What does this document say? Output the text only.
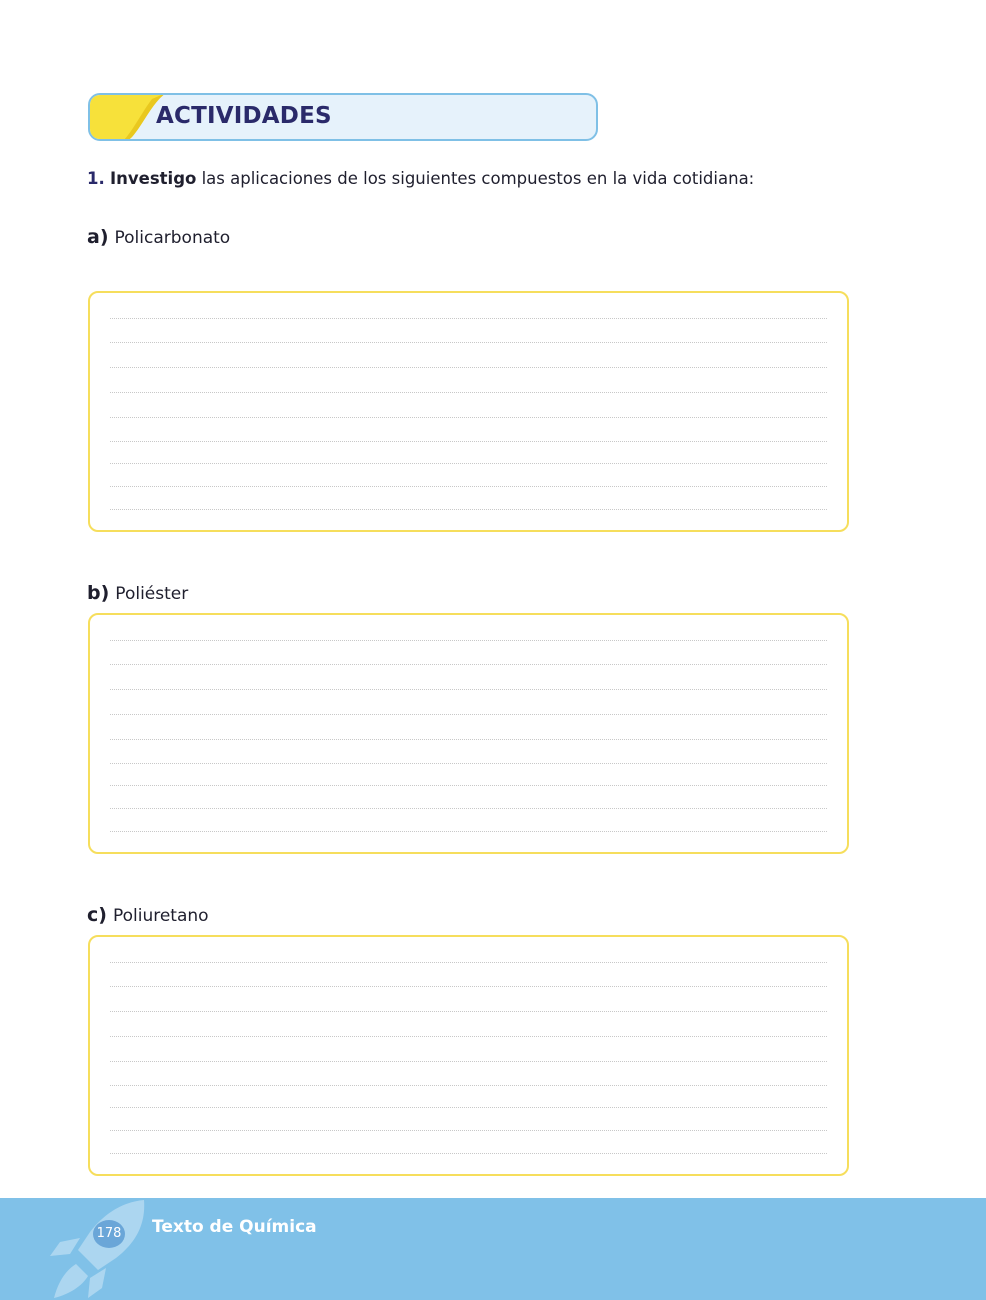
ACTIVIDADES
1. Investigo las aplicaciones de los siguientes compuestos en la vida cotidiana:
a) Policarbonato
b) Poliéster
c) Poliuretano
178 Texto de Química
